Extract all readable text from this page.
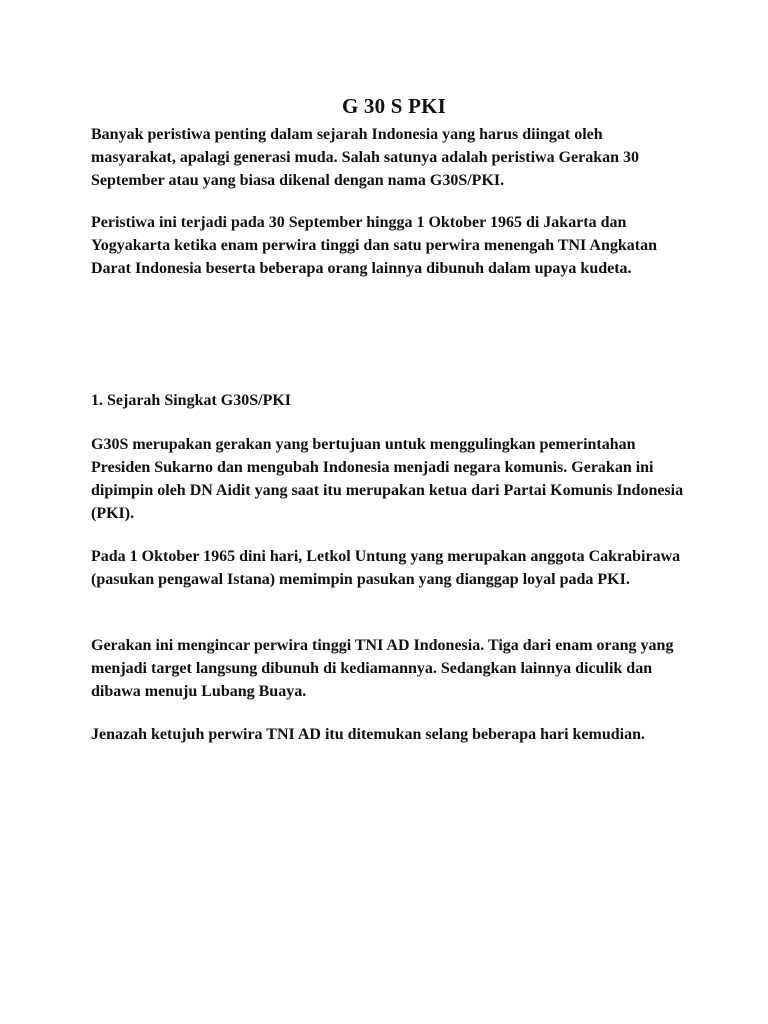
G 30 S PKI

Banyak peristiwa penting dalam sejarah Indonesia yang harus diingat oleh masyarakat, apalagi generasi muda. Salah satunya adalah peristiwa Gerakan 30 September atau yang biasa dikenal dengan nama G30S/PKI.

Peristiwa ini terjadi pada 30 September hingga 1 Oktober 1965 di Jakarta dan Yogyakarta ketika enam perwira tinggi dan satu perwira menengah TNI Angkatan Darat Indonesia beserta beberapa orang lainnya dibunuh dalam upaya kudeta.

1. Sejarah Singkat G30S/PKI

G30S merupakan gerakan yang bertujuan untuk menggulingkan pemerintahan Presiden Sukarno dan mengubah Indonesia menjadi negara komunis. Gerakan ini dipimpin oleh DN Aidit yang saat itu merupakan ketua dari Partai Komunis Indonesia (PKI).

Pada 1 Oktober 1965 dini hari, Letkol Untung yang merupakan anggota Cakrabirawa (pasukan pengawal Istana) memimpin pasukan yang dianggap loyal pada PKI.

Gerakan ini mengincar perwira tinggi TNI AD Indonesia. Tiga dari enam orang yang menjadi target langsung dibunuh di kediamannya. Sedangkan lainnya diculik dan dibawa menuju Lubang Buaya.

Jenazah ketujuh perwira TNI AD itu ditemukan selang beberapa hari kemudian.
